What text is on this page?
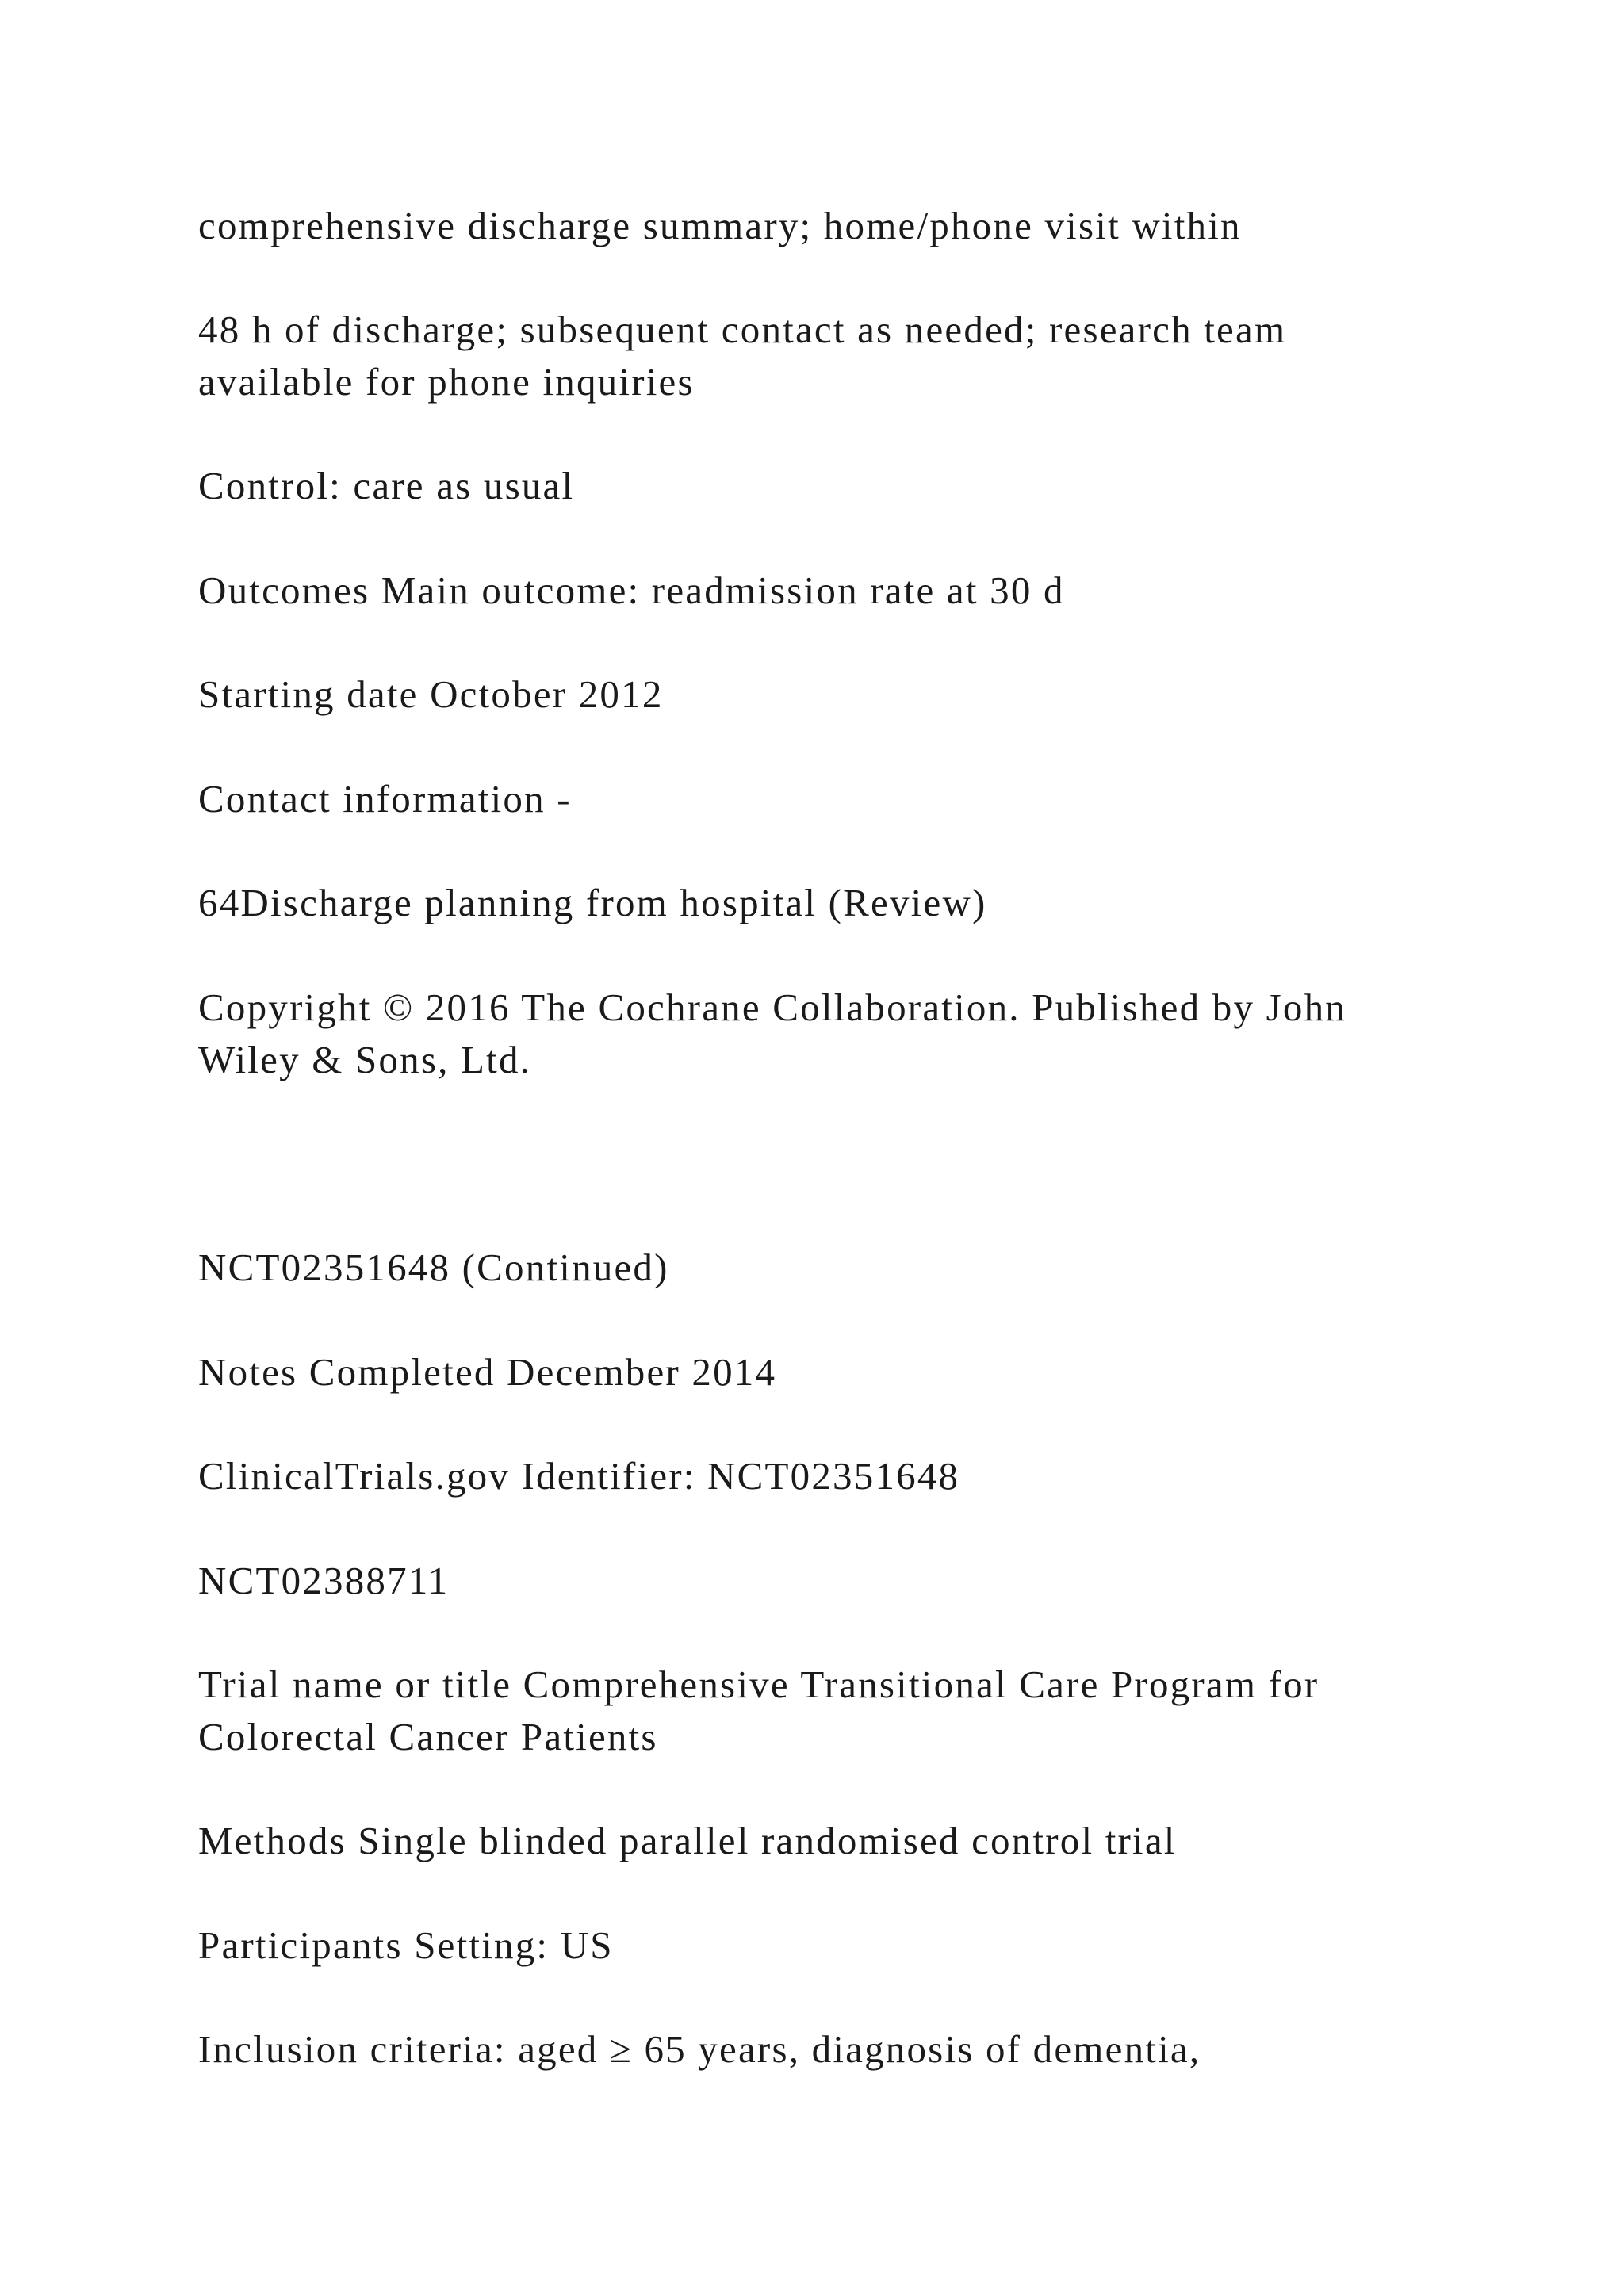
comprehensive discharge summary; home/phone visit within

48 h of discharge; subsequent contact as needed; research team available for phone inquiries

Control: care as usual

Outcomes Main outcome: readmission rate at 30 d

Starting date October 2012

Contact information -

64Discharge planning from hospital (Review)

Copyright © 2016 The Cochrane Collaboration. Published by John Wiley & Sons, Ltd.

NCT02351648 (Continued)

Notes Completed December 2014

ClinicalTrials.gov Identifier: NCT02351648

NCT02388711

Trial name or title Comprehensive Transitional Care Program for Colorectal Cancer Patients

Methods Single blinded parallel randomised control trial

Participants Setting: US

Inclusion criteria: aged ≥ 65 years, diagnosis of dementia,
